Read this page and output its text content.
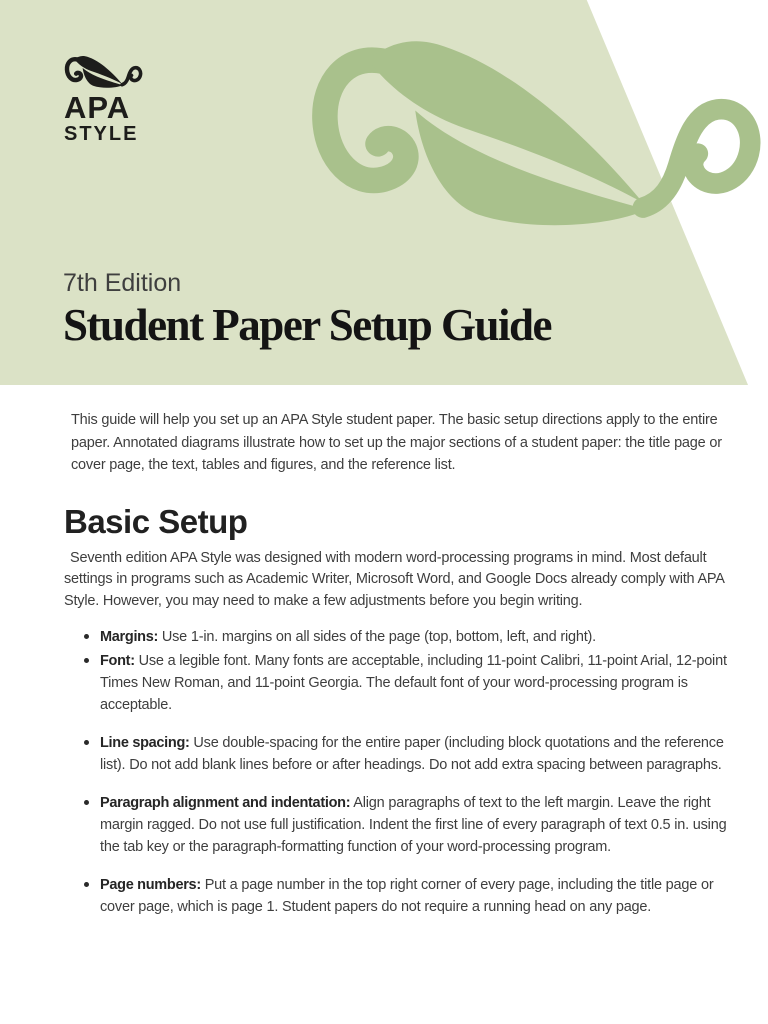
APA
STYLE
7th Edition
Student Paper Setup Guide

This guide will help you set up an APA Style student paper. The basic setup directions apply to the entire paper. Annotated diagrams illustrate how to set up the major sections of a student paper: the title page or cover page, the text, tables and figures, and the reference list.

Basic Setup

Seventh edition APA Style was designed with modern word-processing programs in mind. Most default settings in programs such as Academic Writer, Microsoft Word, and Google Docs already comply with APA Style. However, you may need to make a few adjustments before you begin writing.

Margins: Use 1-in. margins on all sides of the page (top, bottom, left, and right).
Font: Use a legible font. Many fonts are acceptable, including 11-point Calibri, 11-point Arial, 12-point Times New Roman, and 11-point Georgia. The default font of your word-processing program is acceptable.
Line spacing: Use double-spacing for the entire paper (including block quotations and the reference list). Do not add blank lines before or after headings. Do not add extra spacing between paragraphs.
Paragraph alignment and indentation: Align paragraphs of text to the left margin. Leave the right margin ragged. Do not use full justification. Indent the first line of every paragraph of text 0.5 in. using the tab key or the paragraph-formatting function of your word-processing program.
Page numbers: Put a page number in the top right corner of every page, including the title page or cover page, which is page 1. Student papers do not require a running head on any page.
